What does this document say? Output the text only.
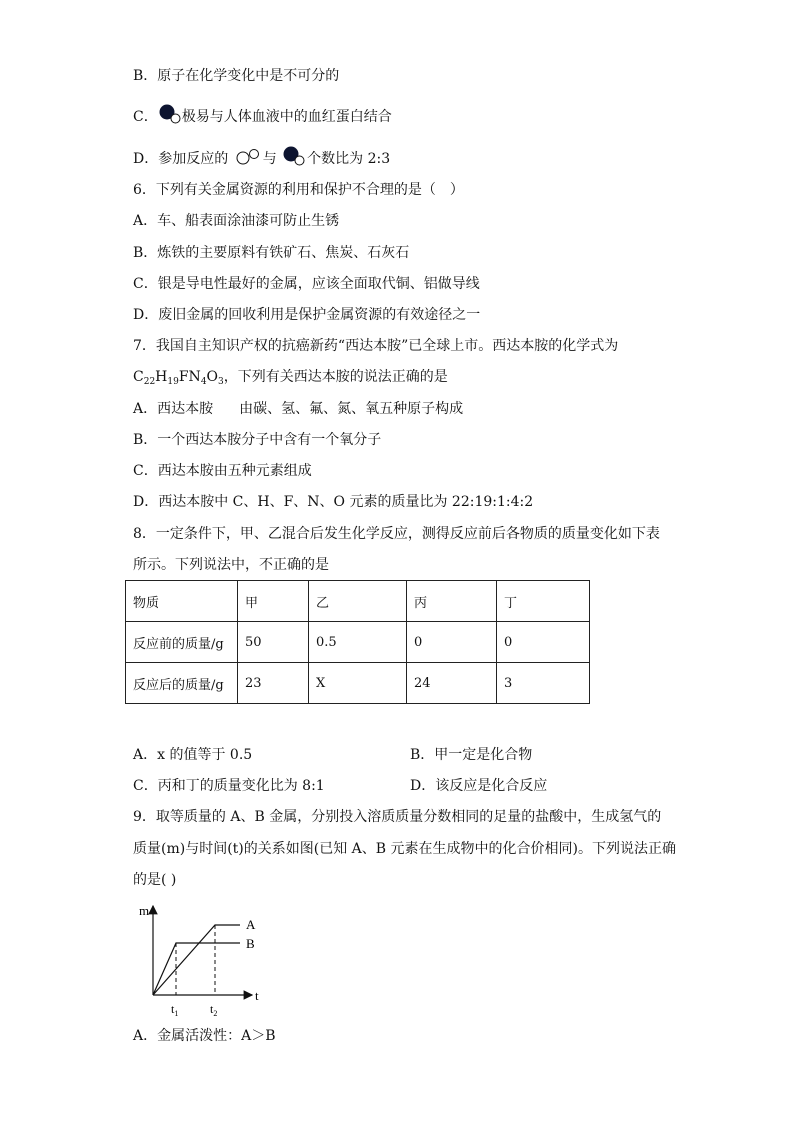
B．原子在化学变化中是不可分的
C． 极易与人体血液中的血红蛋白结合
D．参加反应的 与 个数比为 2:3
6．下列有关金属资源的利用和保护不合理的是（　）
A．车、船表面涂油漆可防止生锈
B．炼铁的主要原料有铁矿石、焦炭、石灰石
C．银是导电性最好的金属，应该全面取代铜、铝做导线
D．废旧金属的回收利用是保护金属资源的有效途径之一
7．我国自主知识产权的抗癌新药“西达本胺”已全球上市。西达本胺的化学式为
$C_{22}H_{19}FN_4O_3$，下列有关西达本胺的说法正确的是
A．西达本胺 由碳、氢、氟、氮、氧五种原子构成
B．一个西达本胺分子中含有一个氧分子
C．西达本胺由五种元素组成
D．西达本胺中 C、H、F、N、O 元素的质量比为 22:19:1:4:2
8．一定条件下，甲、乙混合后发生化学反应，测得反应前后各物质的质量变化如下表
所示。下列说法中，不正确的是
物质	甲	乙	丙	丁
反应前的质量/g	50	0.5	0	0
反应后的质量/g	23	X	24	3
A．x 的值等于 0.5	B．甲一定是化合物
C．丙和丁的质量变化比为 8:1	D．该反应是化合反应
9．取等质量的 A、B 金属，分别投入溶质质量分数相同的足量的盐酸中，生成氢气的
质量(m)与时间(t)的关系如图(已知 A、B 元素在生成物中的化合价相同)。下列说法正确
的是( )
m
t
A
B
$t_1$	$t_2$
A．金属活泼性：A＞B
